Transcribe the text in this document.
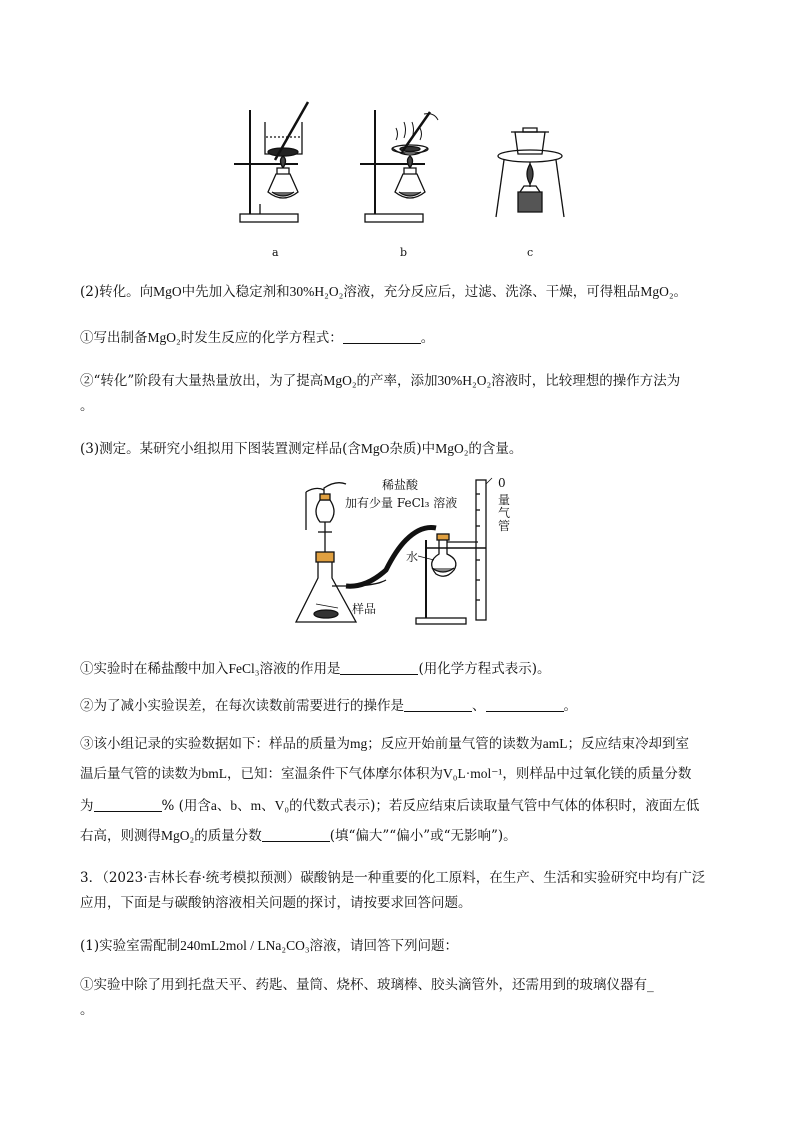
a	b	c
(2)转化。向MgO中先加入稳定剂和30%H₂O₂溶液，充分反应后，过滤、洗涤、干燥，可得粗品MgO₂。
①写出制备MgO₂时发生反应的化学方程式：	。
②“转化”阶段有大量热量放出，为了提高MgO₂的产率，添加30%H₂O₂溶液时，比较理想的操作方法为
。
(3)测定。某研究小组拟用下图装置测定样品(含MgO杂质)中MgO₂的含量。
稀盐酸
加有少量 FeCl₃ 溶液
0
量气管
水
样品
①实验时在稀盐酸中加入FeCl₃溶液的作用是	(用化学方程式表示)。
②为了减小实验误差，在每次读数前需要进行的操作是	、	。
③该小组记录的实验数据如下：样品的质量为mg；反应开始前量气管的读数为amL；反应结束冷却到室
温后量气管的读数为bmL，已知：室温条件下气体摩尔体积为V₀L·mol⁻¹，则样品中过氧化镁的质量分数
为	% (用含a、b、m、V₀的代数式表示)；若反应结束后读取量气管中气体的体积时，液面左低
右高，则测得MgO₂的质量分数	(填“偏大”“偏小”或“无影响”)。
3．（2023·吉林长春·统考模拟预测）碳酸钠是一种重要的化工原料，在生产、生活和实验研究中均有广泛
应用，下面是与碳酸钠溶液相关问题的探讨，请按要求回答问题。
(1)实验室需配制240mL2mol / LNa₂CO₃溶液，请回答下列问题：
①实验中除了用到托盘天平、药匙、量筒、烧杯、玻璃棒、胶头滴管外，还需用到的玻璃仪器有_
。
